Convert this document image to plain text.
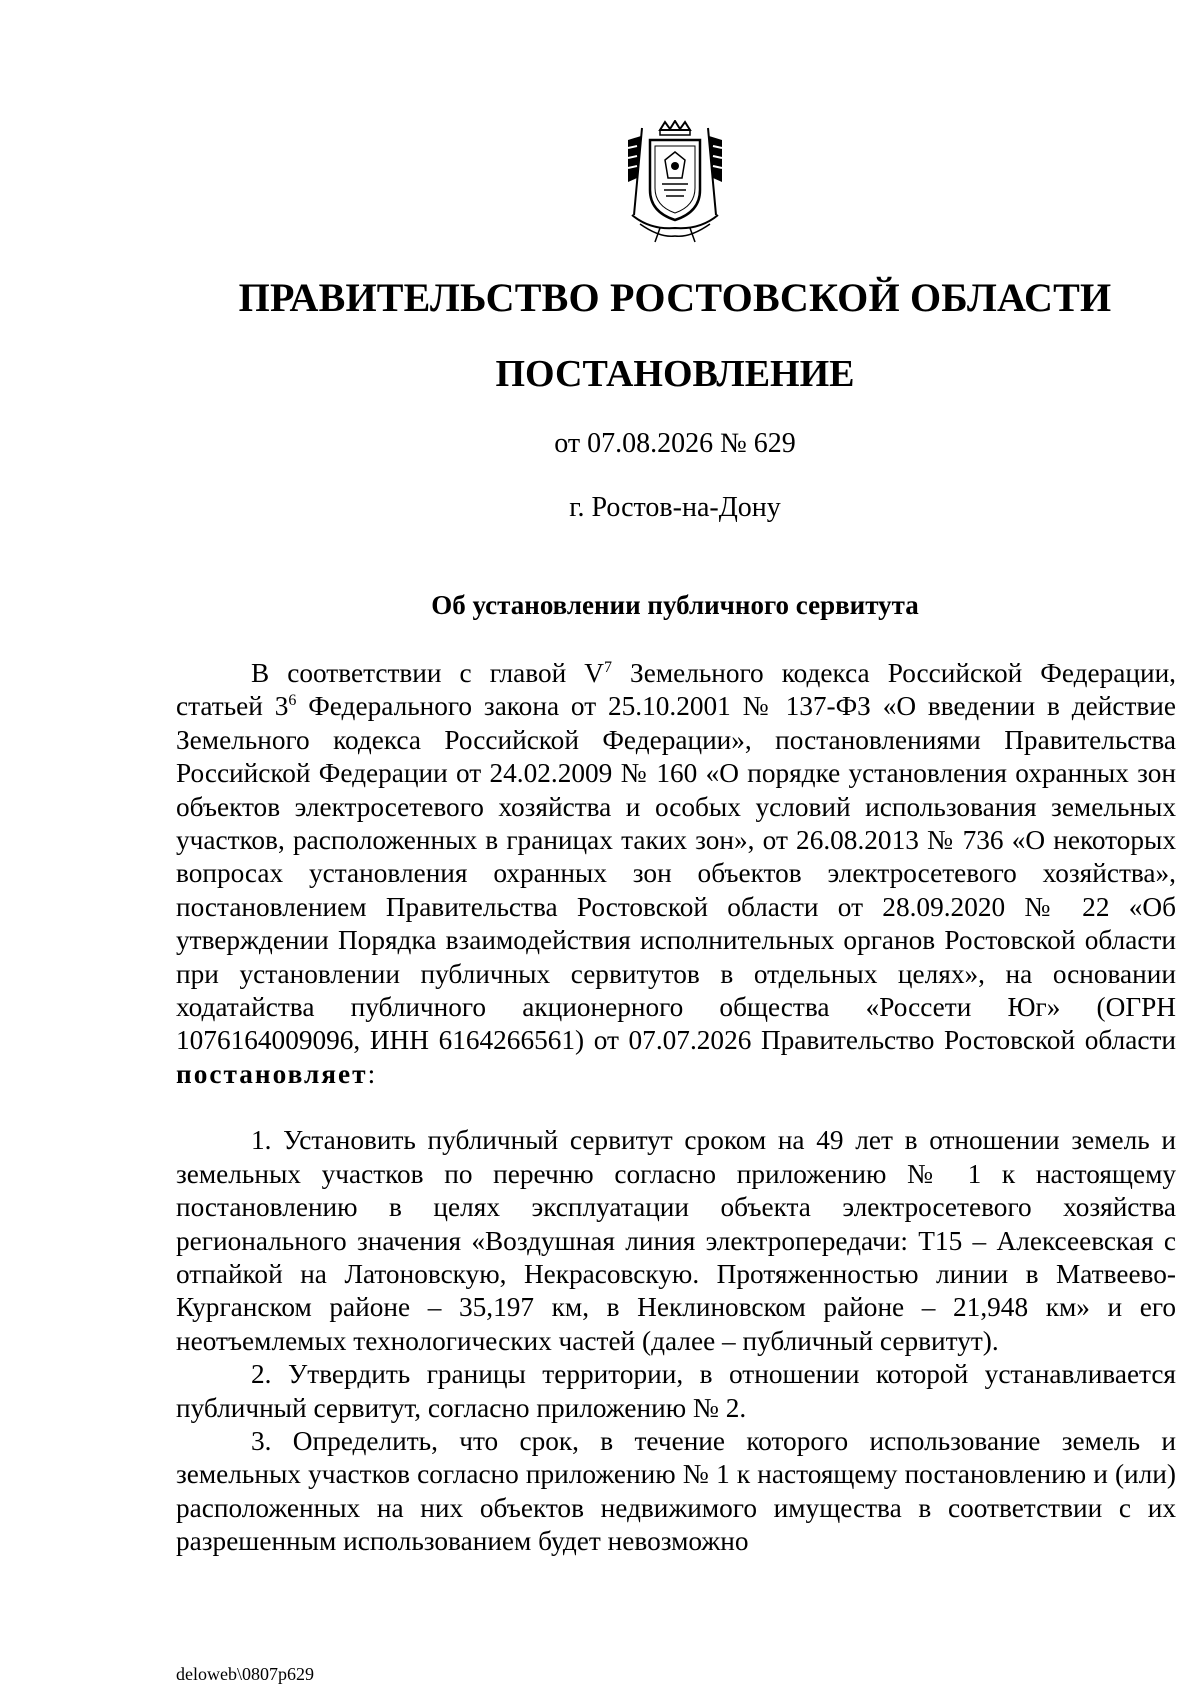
ПРАВИТЕЛЬСТВО РОСТОВСКОЙ ОБЛАСТИ
ПОСТАНОВЛЕНИЕ
от 07.08.2026 № 629
г. Ростов-на-Дону
Об установлении публичного сервитута

В соответствии с главой $V^7$ Земельного кодекса Российской Федерации, статьей $3^6$ Федерального закона от 25.10.2001 № 137-ФЗ «О введении в действие Земельного кодекса Российской Федерации», постановлениями Правительства Российской Федерации от 24.02.2009 № 160 «О порядке установления охранных зон объектов электросетевого хозяйства и особых условий использования земельных участков, расположенных в границах таких зон», от 26.08.2013 № 736 «О некоторых вопросах установления охранных зон объектов электросетевого хозяйства», постановлением Правительства Ростовской области от 28.09.2020 № 22 «Об утверждении Порядка взаимодействия исполнительных органов Ростовской области при установлении публичных сервитутов в отдельных целях», на основании ходатайства публичного акционерного общества «Россети Юг» (ОГРН 1076164009096, ИНН 6164266561) от 07.07.2026 Правительство Ростовской области постановляет:

1. Установить публичный сервитут сроком на 49 лет в отношении земель и земельных участков по перечню согласно приложению № 1 к настоящему постановлению в целях эксплуатации объекта электросетевого хозяйства регионального значения «Воздушная линия электропередачи: Т15 – Алексеевская с отпайкой на Латоновскую, Некрасовскую. Протяженностью линии в Матвеево-Курганском районе – 35,197 км, в Неклиновском районе – 21,948 км» и его неотъемлемых технологических частей (далее – публичный сервитут).

2. Утвердить границы территории, в отношении которой устанавливается публичный сервитут, согласно приложению № 2.

3. Определить, что срок, в течение которого использование земель и земельных участков согласно приложению № 1 к настоящему постановлению и (или) расположенных на них объектов недвижимого имущества в соответствии с их разрешенным использованием будет невозможно

deloweb\0807p629
